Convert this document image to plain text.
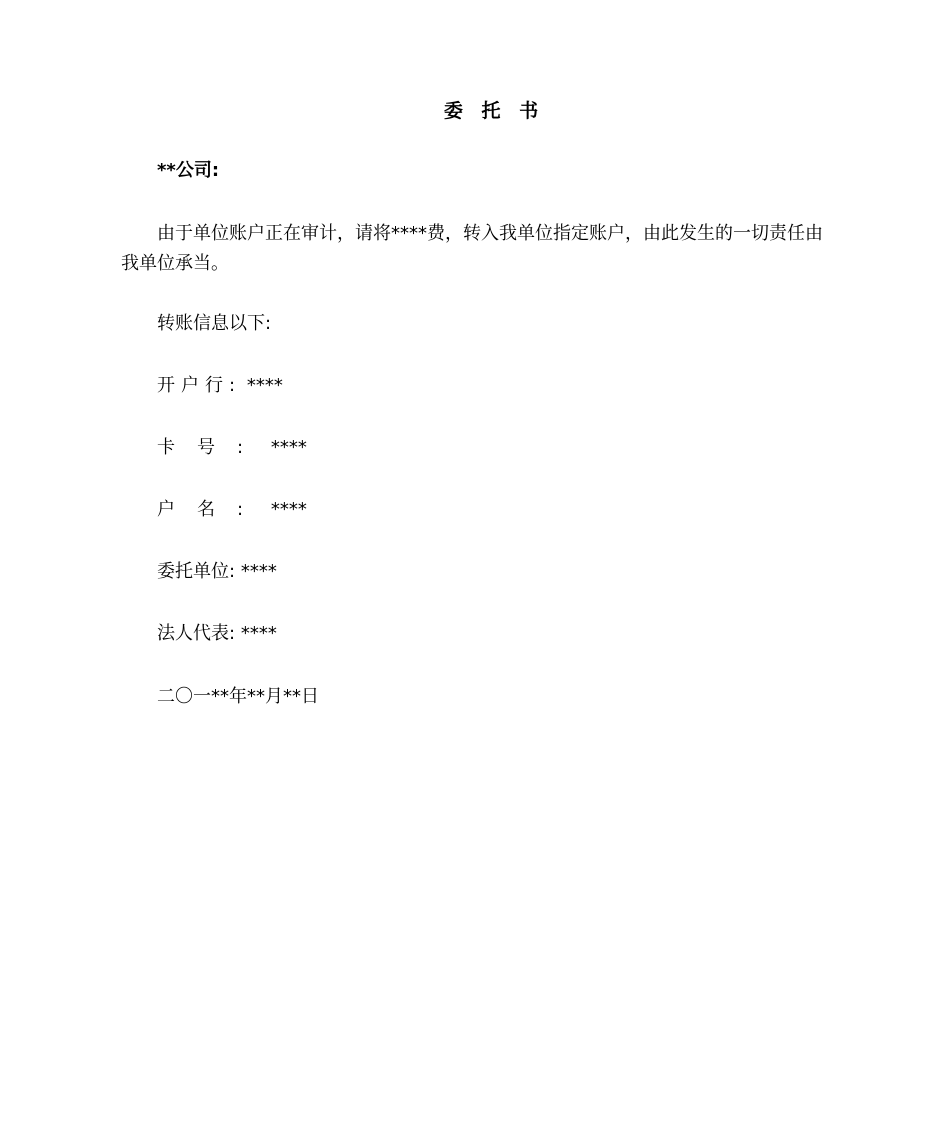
委 托 书
**公司:
由于单位账户正在审计，请将****费，转入我单位指定账户，由此发生的一切责任由我单位承当。
转账信息以下:
开户行: ****
卡号: ****
户名: ****
委托单位: ****
法人代表: ****
二〇一**年**月**日
